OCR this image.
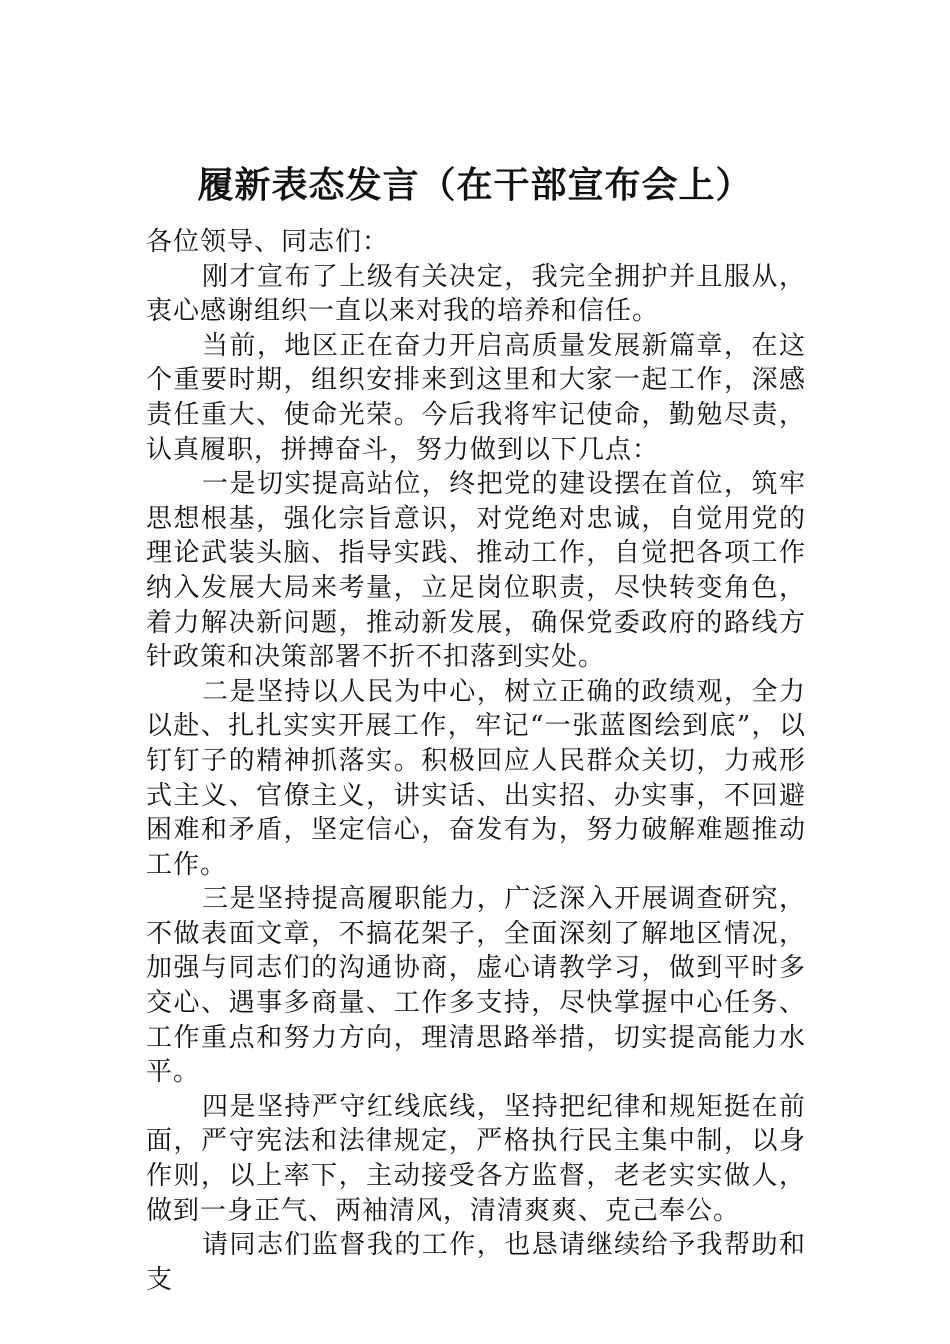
履新表态发言（在干部宣布会上）

各位领导、同志们：

刚才宣布了上级有关决定，我完全拥护并且服从，衷心感谢组织一直以来对我的培养和信任。

当前，地区正在奋力开启高质量发展新篇章，在这个重要时期，组织安排来到这里和大家一起工作，深感责任重大、使命光荣。今后我将牢记使命，勤勉尽责，认真履职，拼搏奋斗，努力做到以下几点：

一是切实提高站位，终把党的建设摆在首位，筑牢思想根基，强化宗旨意识，对党绝对忠诚，自觉用党的理论武装头脑、指导实践、推动工作，自觉把各项工作纳入发展大局来考量，立足岗位职责，尽快转变角色，着力解决新问题，推动新发展，确保党委政府的路线方针政策和决策部署不折不扣落到实处。

二是坚持以人民为中心，树立正确的政绩观，全力以赴、扎扎实实开展工作，牢记“一张蓝图绘到底”，以钉钉子的精神抓落实。积极回应人民群众关切，力戒形式主义、官僚主义，讲实话、出实招、办实事，不回避困难和矛盾，坚定信心，奋发有为，努力破解难题推动工作。

三是坚持提高履职能力，广泛深入开展调查研究，不做表面文章，不搞花架子，全面深刻了解地区情况，加强与同志们的沟通协商，虚心请教学习，做到平时多交心、遇事多商量、工作多支持，尽快掌握中心任务、工作重点和努力方向，理清思路举措，切实提高能力水平。

四是坚持严守红线底线，坚持把纪律和规矩挺在前面，严守宪法和法律规定，严格执行民主集中制，以身作则，以上率下，主动接受各方监督，老老实实做人，做到一身正气、两袖清风，清清爽爽、克己奉公。

请同志们监督我的工作，也恳请继续给予我帮助和支
